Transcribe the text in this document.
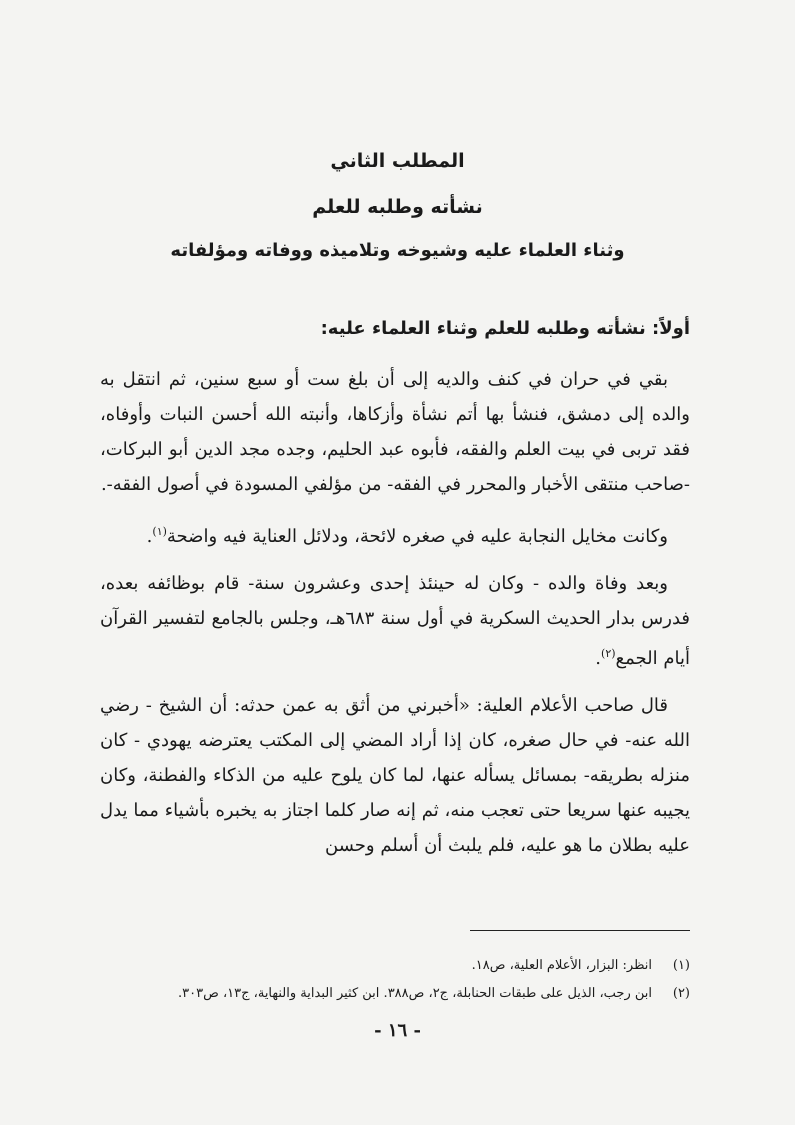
المطلب الثاني

نشأته وطلبه للعلم

وثناء العلماء عليه وشيوخه وتلاميذه ووفاته ومؤلفاته

أولاً: نشأته وطلبه للعلم وثناء العلماء عليه:

بقي في حران في كنف والديه إلى أن بلغ ست أو سبع سنين، ثم انتقل به والده إلى دمشق، فنشأ بها أتم نشأة وأزكاها، وأنبته الله أحسن النبات وأوفاه، فقد تربى في بيت العلم والفقه، فأبوه عبد الحليم، وجده مجد الدين أبو البركات، -صاحب منتقى الأخبار والمحرر في الفقه- من مؤلفي المسودة في أصول الفقه-.

وكانت مخايل النجابة عليه في صغره لائحة، ودلائل العناية فيه واضحة$^{(١)}$.

وبعد وفاة والده - وكان له حينئذ إحدى وعشرون سنة- قام بوظائفه بعده، فدرس بدار الحديث السكرية في أول سنة ٦٨٣هـ، وجلس بالجامع لتفسير القرآن أيام الجمع$^{(٢)}$.

قال صاحب الأعلام العلية: «أخبرني من أثق به عمن حدثه: أن الشيخ - رضي الله عنه- في حال صغره، كان إذا أراد المضي إلى المكتب يعترضه يهودي - كان منزله بطريقه- بمسائل يسأله عنها، لما كان يلوح عليه من الذكاء والفطنة، وكان يجيبه عنها سريعا حتى تعجب منه، ثم إنه صار كلما اجتاز به يخبره بأشياء مما يدل عليه بطلان ما هو عليه، فلم يلبث أن أسلم وحسن

(١)
انظر: البزار، الأعلام العلية، ص١٨.
(٢)
ابن رجب، الذيل على طبقات الحنابلة، ج٢، ص٣٨٨. ابن كثير البداية والنهاية، ج١٣، ص٣٠٣.
- ١٦ -
